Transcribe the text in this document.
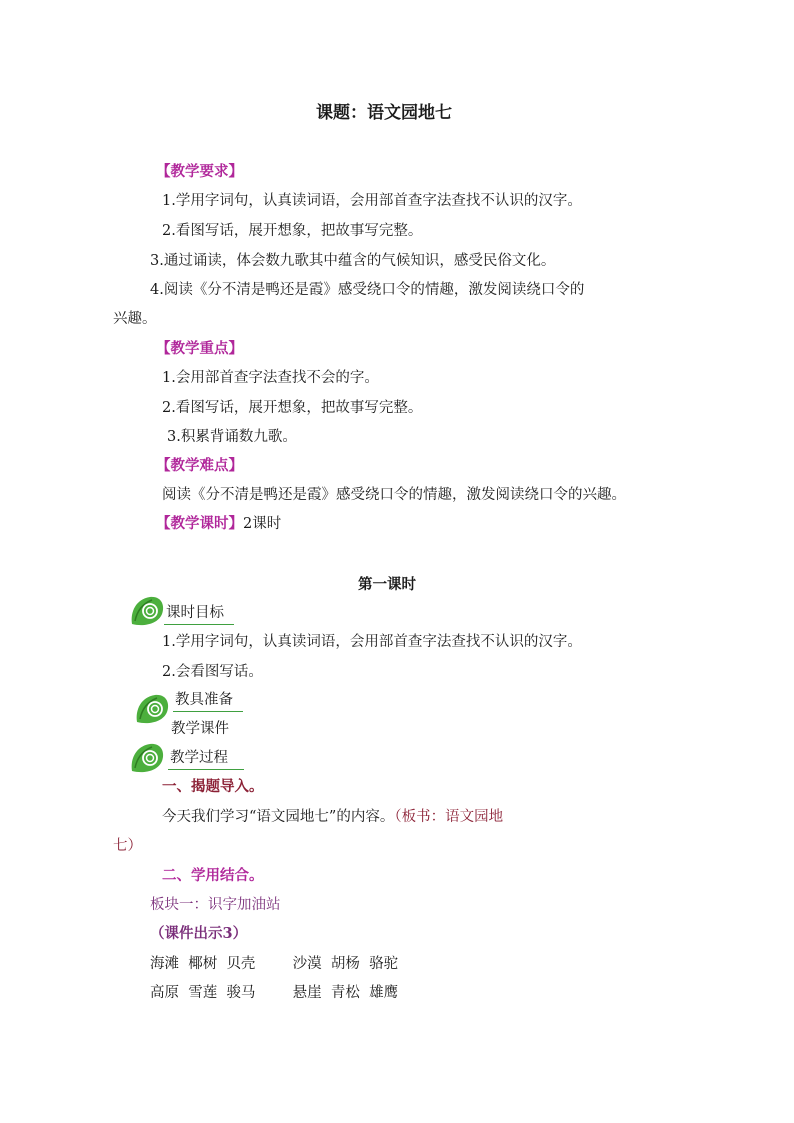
课题：语文园地七
【教学要求】
1.学用字词句，认真读词语，会用部首查字法查找不认识的汉字。
2.看图写话，展开想象，把故事写完整。
3.通过诵读，体会数九歌其中蕴含的气候知识，感受民俗文化。
4.阅读《分不清是鸭还是霞》感受绕口令的情趣，激发阅读绕口令的
兴趣。
【教学重点】
1.会用部首查字法查找不会的字。
2.看图写话，展开想象，把故事写完整。
3.积累背诵数九歌。
【教学难点】
阅读《分不清是鸭还是霞》感受绕口令的情趣，激发阅读绕口令的兴趣。
【教学课时】2课时
第一课时
课时目标
1.学用字词句，认真读词语，会用部首查字法查找不认识的汉字。
2.会看图写话。
教具准备
教学课件
教学过程
一、揭题导入。
今天我们学习“语文园地七”的内容。（板书：语文园地
七）
二、学用结合。
板块一：识字加油站
（课件出示3）
海滩 椰树 贝壳	沙漠 胡杨 骆驼
高原 雪莲 骏马	悬崖 青松 雄鹰
